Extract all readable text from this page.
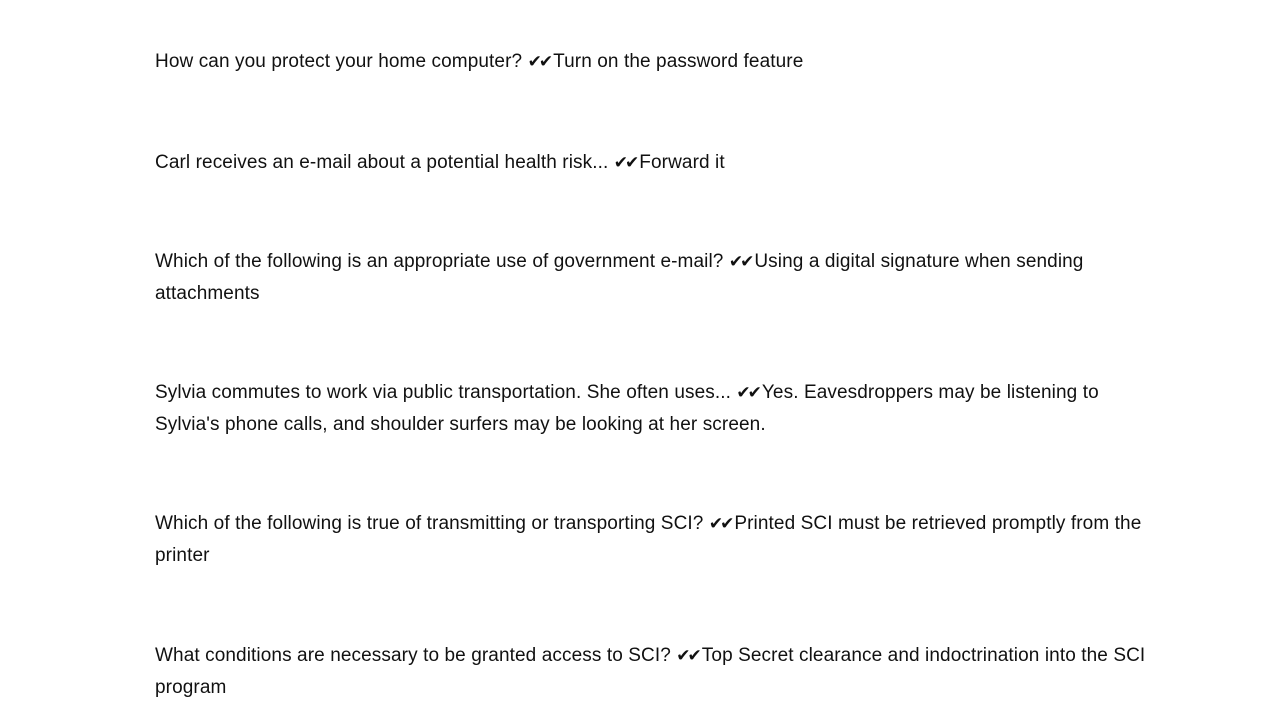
How can you protect your home computer? ✔✔ Turn on the password feature

Carl receives an e-mail about a potential health risk... ✔✔ Forward it

Which of the following is an appropriate use of government e-mail? ✔✔ Using a digital signature when sending attachments

Sylvia commutes to work via public transportation. She often uses... ✔✔ Yes. Eavesdroppers may be listening to Sylvia's phone calls, and shoulder surfers may be looking at her screen.

Which of the following is true of transmitting or transporting SCI? ✔✔ Printed SCI must be retrieved promptly from the printer

What conditions are necessary to be granted access to SCI? ✔✔ Top Secret clearance and indoctrination into the SCI program
